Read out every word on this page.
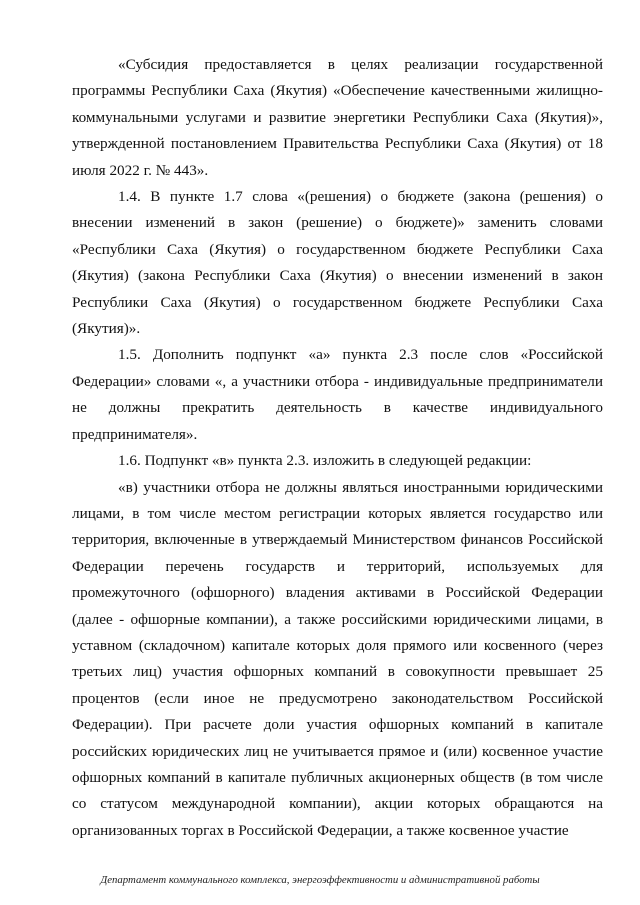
«Субсидия предоставляется в целях реализации государственной программы Республики Саха (Якутия) «Обеспечение качественными жилищно-коммунальными услугами и развитие энергетики Республики Саха (Якутия)», утвержденной постановлением Правительства Республики Саха (Якутия) от 18 июля 2022 г. № 443».

1.4. В пункте 1.7 слова «(решения) о бюджете (закона (решения) о внесении изменений в закон (решение) о бюджете)» заменить словами «Республики Саха (Якутия) о государственном бюджете Республики Саха (Якутия) (закона Республики Саха (Якутия) о внесении изменений в закон Республики Саха (Якутия) о государственном бюджете Республики Саха (Якутия)».

1.5. Дополнить подпункт «а» пункта 2.3 после слов «Российской Федерации» словами «, а участники отбора - индивидуальные предприниматели не должны прекратить деятельность в качестве индивидуального предпринимателя».

1.6. Подпункт «в» пункта 2.3. изложить в следующей редакции:

«в) участники отбора не должны являться иностранными юридическими лицами, в том числе местом регистрации которых является государство или территория, включенные в утверждаемый Министерством финансов Российской Федерации перечень государств и территорий, используемых для промежуточного (офшорного) владения активами в Российской Федерации (далее - офшорные компании), а также российскими юридическими лицами, в уставном (складочном) капитале которых доля прямого или косвенного (через третьих лиц) участия офшорных компаний в совокупности превышает 25 процентов (если иное не предусмотрено законодательством Российской Федерации). При расчете доли участия офшорных компаний в капитале российских юридических лиц не учитывается прямое и (или) косвенное участие офшорных компаний в капитале публичных акционерных обществ (в том числе со статусом международной компании), акции которых обращаются на организованных торгах в Российской Федерации, а также косвенное участие

Департамент коммунального комплекса, энергоэффективности и административной работы
